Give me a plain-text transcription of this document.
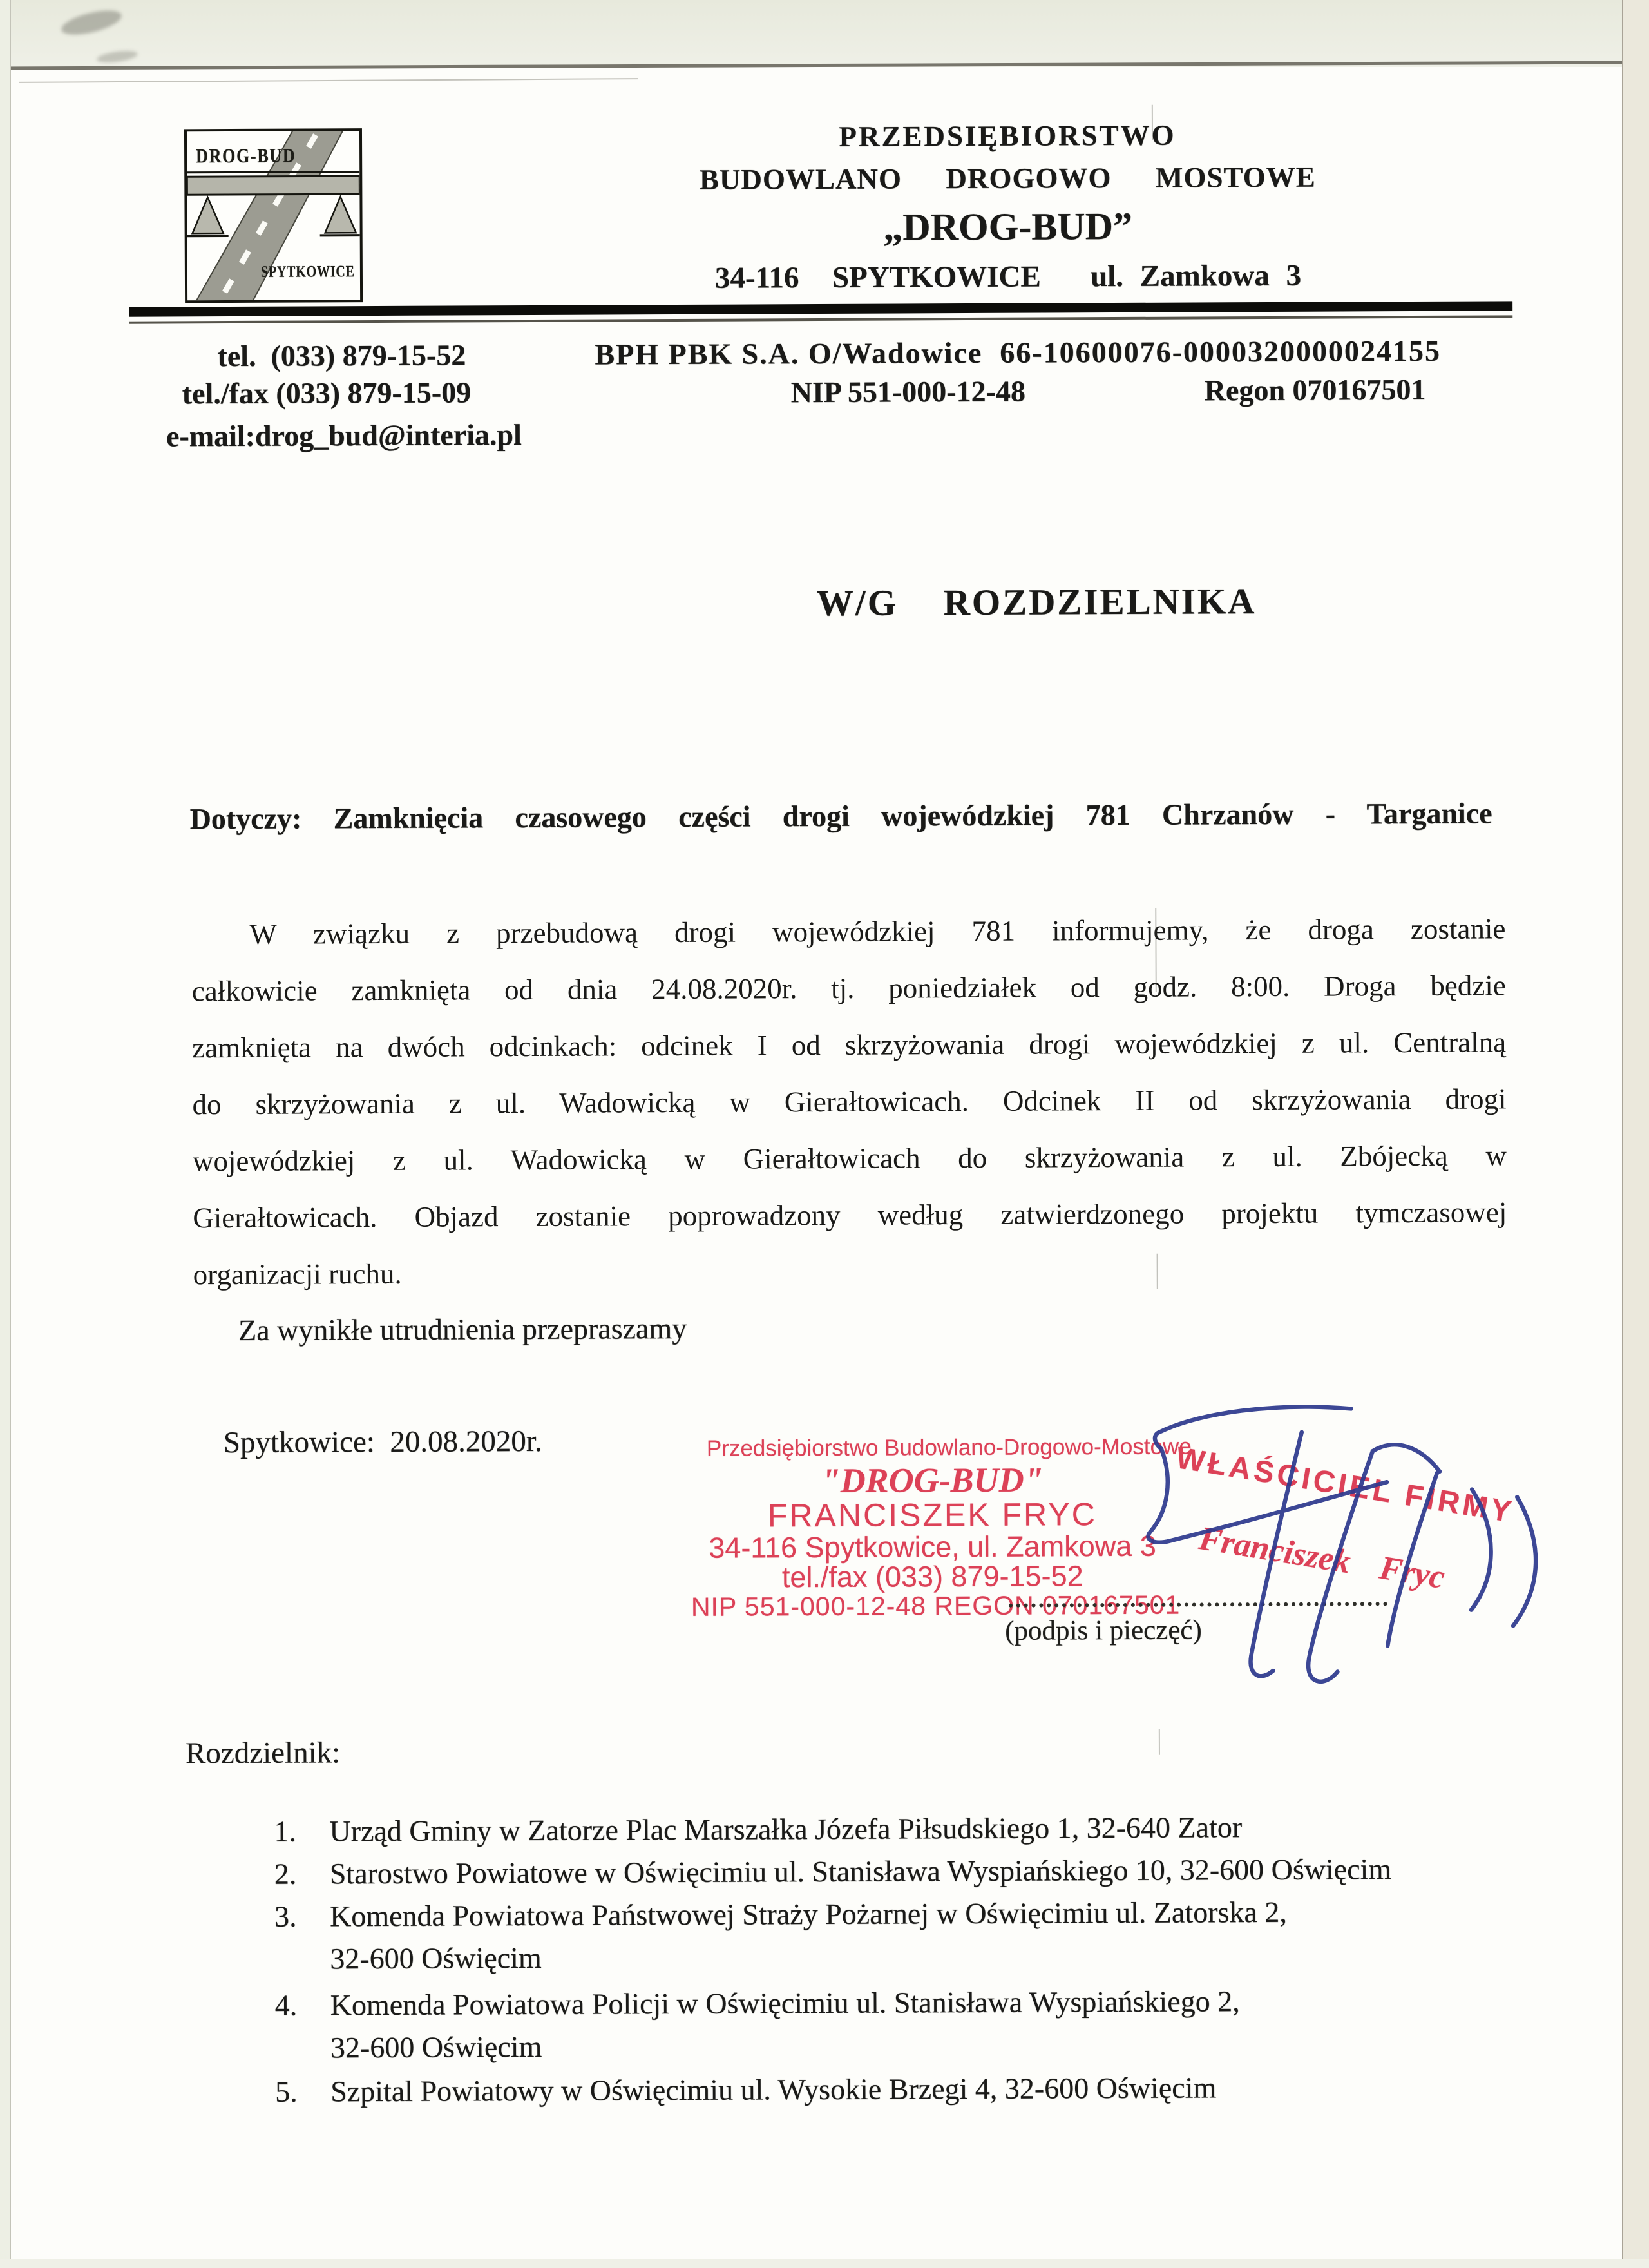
DROG-BUD
SPYTKOWICE
PRZEDSIĘBIORSTWO
BUDOWLANO  DROGOWO  MOSTOWE
„DROG-BUD”
34-116  SPYTKOWICE   ul. Zamkowa 3
tel.  (033) 879-15-52
tel./fax (033) 879-15-09
e-mail:drog_bud@interia.pl
BPH PBK S.A. O/Wadowice  66-10600076-0000320000024155
NIP 551-000-12-48	Regon 070167501
W/G  ROZDZIELNIKA
Dotyczy: Zamknięcia czasowego części drogi wojewódzkiej 781 Chrzanów - Targanice
W związku z przebudową drogi wojewódzkiej 781 informujemy, że droga zostanie
całkowicie zamknięta od dnia 24.08.2020r. tj. poniedziałek od godz. 8:00. Droga będzie
zamknięta na dwóch odcinkach: odcinek I od skrzyżowania drogi wojewódzkiej z ul. Centralną
do skrzyżowania z ul. Wadowicką w Gierałtowicach. Odcinek II od skrzyżowania drogi
wojewódzkiej z ul. Wadowicką w Gierałtowicach do skrzyżowania z ul. Zbójecką w
Gierałtowicach. Objazd zostanie poprowadzony według zatwierdzonego projektu tymczasowej
organizacji ruchu.
Za wynikłe utrudnienia przepraszamy
Spytkowice:  20.08.2020r.	Przedsiębiorstwo Budowlano-Drogowo-Mostowe
"DROG-BUD"
FRANCISZEK FRYC
34-116 Spytkowice, ul. Zamkowa 3
tel./fax (033) 879-15-52
NIP 551-000-12-48 REGON 070167501
(podpis i pieczęć)
WŁAŚCICIEL FIRMY
Franciszek Fryc
Rozdzielnik:
1. Urząd Gminy w Zatorze Plac Marszałka Józefa Piłsudskiego 1, 32-640 Zator
2. Starostwo Powiatowe w Oświęcimiu ul. Stanisława Wyspiańskiego 10, 32-600 Oświęcim
3. Komenda Powiatowa Państwowej Straży Pożarnej w Oświęcimiu ul. Zatorska 2,
32-600 Oświęcim
4. Komenda Powiatowa Policji w Oświęcimiu ul. Stanisława Wyspiańskiego 2,
32-600 Oświęcim
5. Szpital Powiatowy w Oświęcimiu ul. Wysokie Brzegi 4, 32-600 Oświęcim
